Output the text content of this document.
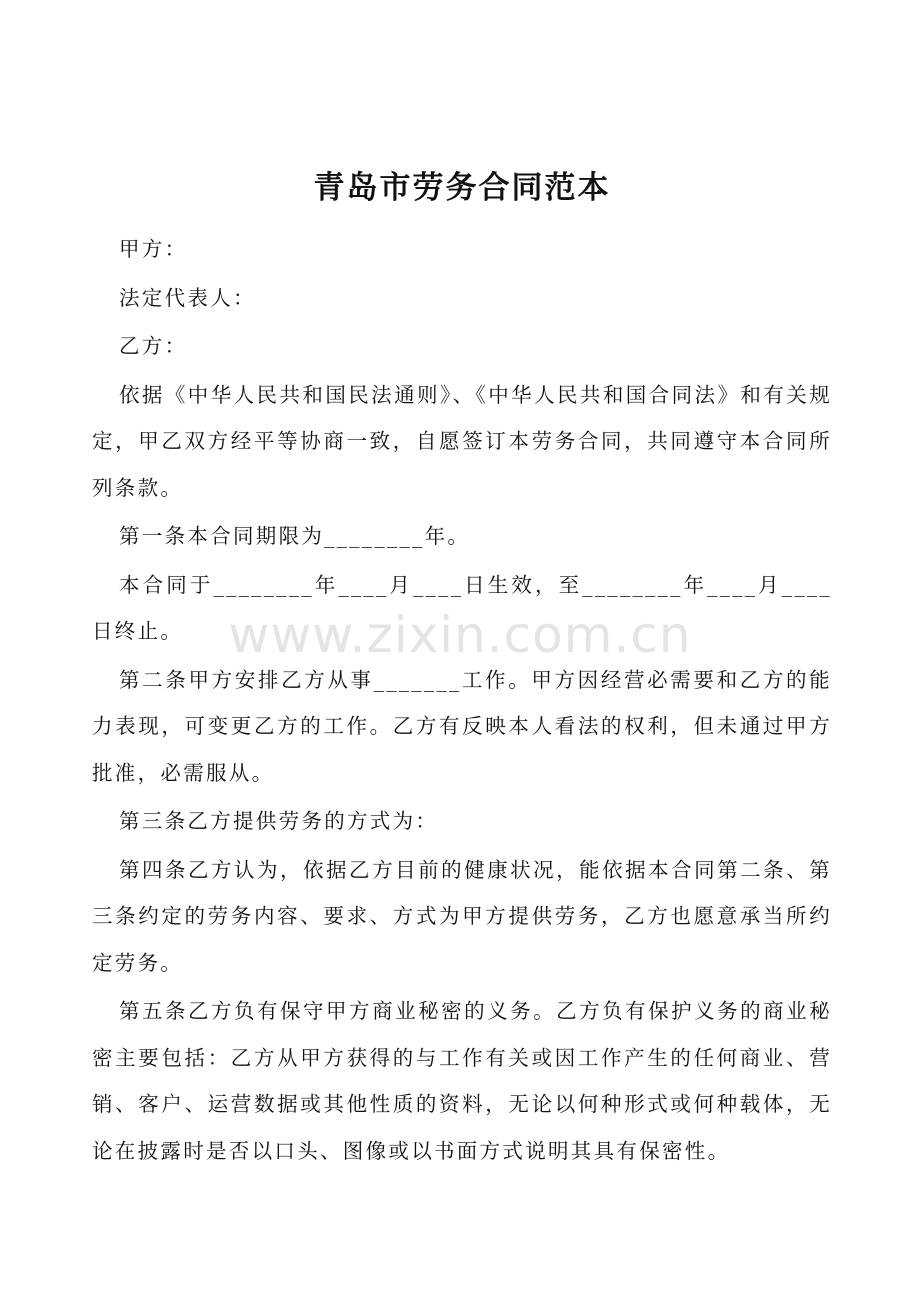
青岛市劳务合同范本

甲方：

法定代表人：

乙方：

依据《中华人民共和国民法通则》、《中华人民共和国合同法》和有关规定，甲乙双方经平等协商一致，自愿签订本劳务合同，共同遵守本合同所列条款。

第一条本合同期限为________年。

本合同于________年____月____日生效，至________年____月____日终止。

第二条甲方安排乙方从事_______工作。甲方因经营必需要和乙方的能力表现，可变更乙方的工作。乙方有反映本人看法的权利，但未通过甲方批准，必需服从。

第三条乙方提供劳务的方式为：

第四条乙方认为，依据乙方目前的健康状况，能依据本合同第二条、第三条约定的劳务内容、要求、方式为甲方提供劳务，乙方也愿意承当所约定劳务。

第五条乙方负有保守甲方商业秘密的义务。乙方负有保护义务的商业秘密主要包括：乙方从甲方获得的与工作有关或因工作产生的任何商业、营销、客户、运营数据或其他性质的资料，无论以何种形式或何种载体，无论在披露时是否以口头、图像或以书面方式说明其具有保密性。

www.zixin.com.cn
